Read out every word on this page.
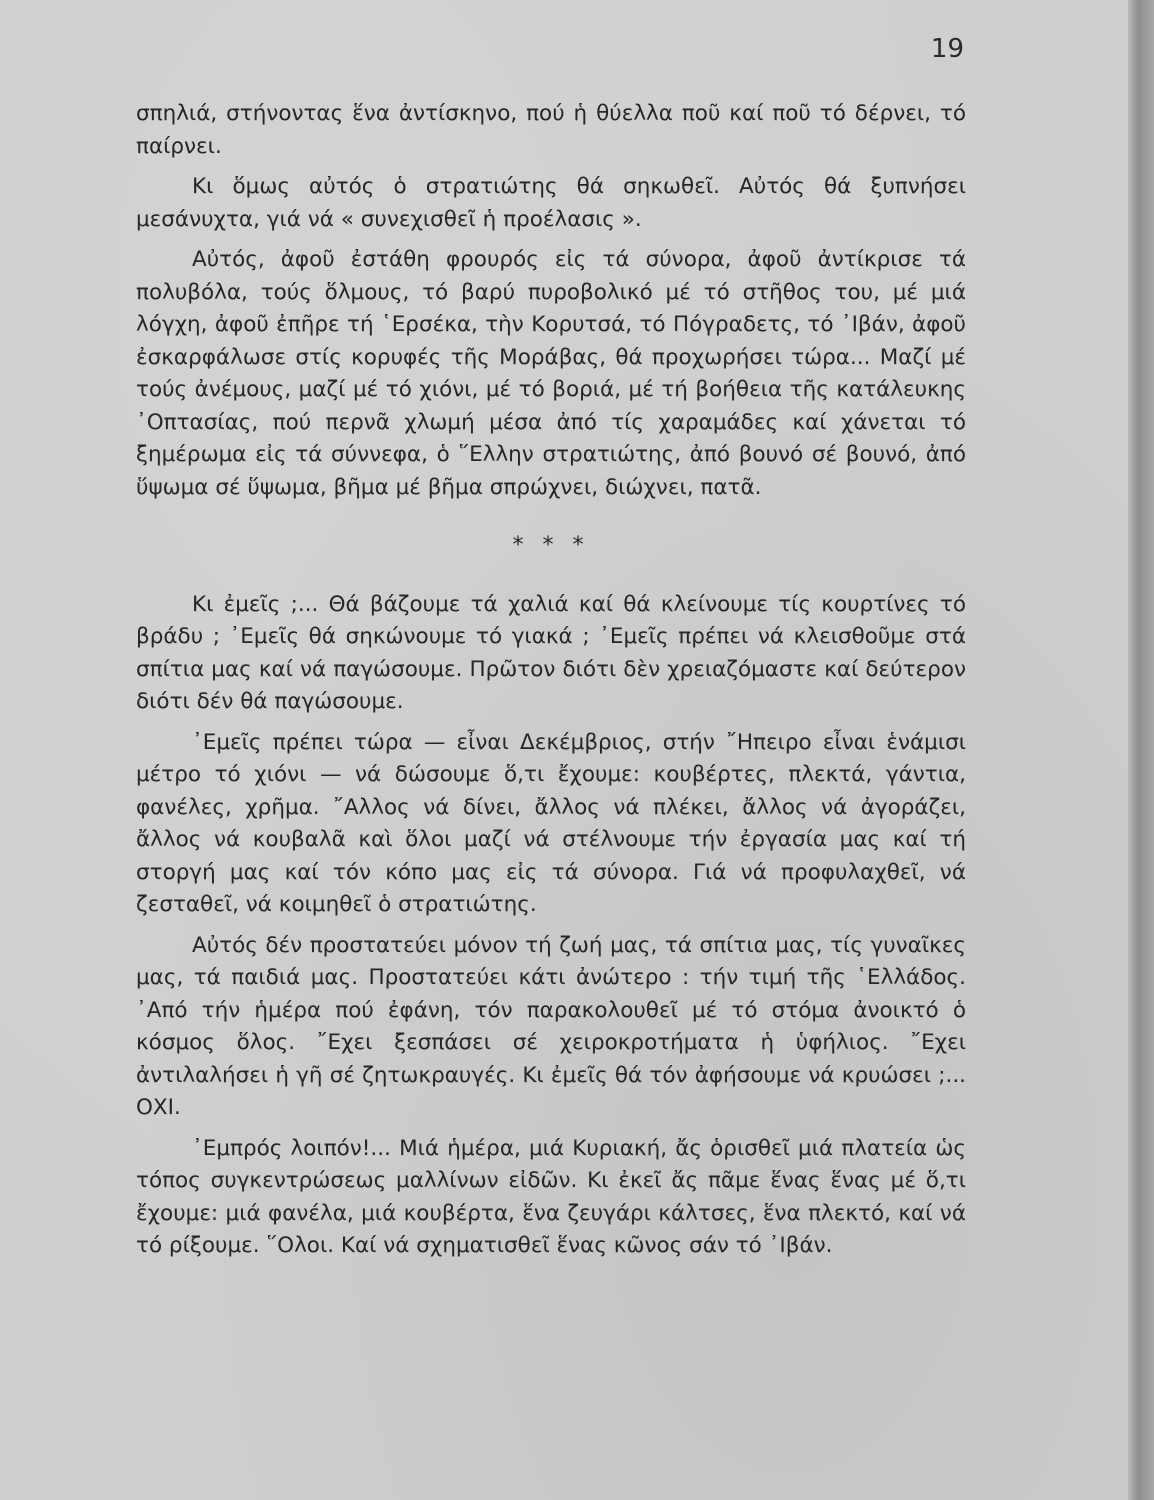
19

σπηλιά, στήνοντας ἕνα ἀντίσκηνο, πού ἡ θύελλα ποῦ καί ποῦ τό δέρνει, τό παίρνει.

Κι ὅμως αὐτός ὁ στρατιώτης θά σηκωθεῖ. Αὐτός θά ξυπνήσει μεσάνυχτα, γιά νά « συνεχισθεῖ ἡ προέλασις ».

Αὐτός, ἀφοῦ ἐστάθη φρουρός εἰς τά σύνορα, ἀφοῦ ἀντίκρισε τά πολυβόλα, τούς ὅλμους, τό βαρύ πυροβολικό μέ τό στῆθος του, μέ μιά λόγχη, ἀφοῦ ἐπῆρε τή ῾Ερσέκα, τὴν Κορυτσά, τό Πόγραδετς, τό ᾿Ιβάν, ἀφοῦ ἐσκαρφάλωσε στίς κορυφές τῆς Μοράβας, θά προχωρήσει τώρα... Μαζί μέ τούς ἀνέμους, μαζί μέ τό χιόνι, μέ τό βοριά, μέ τή βοήθεια τῆς κατάλευκης ᾿Οπτασίας, πού περνᾶ χλωμή μέσα ἀπό τίς χαραμάδες καί χάνεται τό ξημέρωμα εἰς τά σύννεφα, ὁ ῞Ελλην στρατιώτης, ἀπό βουνό σέ βουνό, ἀπό ὕψωμα σέ ὕψωμα, βῆμα μέ βῆμα σπρώχνει, διώχνει, πατᾶ.

* * *

Κι ἐμεῖς ;... Θά βάζουμε τά χαλιά καί θά κλείνουμε τίς κουρτίνες τό βράδυ ; ᾿Εμεῖς θά σηκώνουμε τό γιακά ; ᾿Εμεῖς πρέπει νά κλεισθοῦμε στά σπίτια μας καί νά παγώσουμε. Πρῶτον διότι δὲν χρειαζόμαστε καί δεύτερον διότι δέν θά παγώσουμε.

᾿Εμεῖς πρέπει τώρα — εἶναι Δεκέμβριος, στήν ῎Ηπειρο εἶναι ἑνάμισι μέτρο τό χιόνι — νά δώσουμε ὅ,τι ἔχουμε: κουβέρτες, πλεκτά, γάντια, φανέλες, χρῆμα. ῎Αλλος νά δίνει, ἄλλος νά πλέκει, ἄλλος νά ἀγοράζει, ἄλλος νά κουβαλᾶ καὶ ὅλοι μαζί νά στέλνουμε τήν ἐργασία μας καί τή στοργή μας καί τόν κόπο μας εἰς τά σύνορα. Γιά νά προφυλαχθεῖ, νά ζεσταθεῖ, νά κοιμηθεῖ ὁ στρατιώτης.

Αὐτός δέν προστατεύει μόνον τή ζωή μας, τά σπίτια μας, τίς γυναῖκες μας, τά παιδιά μας. Προστατεύει κάτι ἀνώτερο : τήν τιμή τῆς ῾Ελλάδος. ᾿Από τήν ἡμέρα πού ἐφάνη, τόν παρακολουθεῖ μέ τό στόμα ἀνοικτό ὁ κόσμος ὅλος. ῎Εχει ξεσπάσει σέ χειροκροτήματα ἡ ὑφήλιος. ῎Εχει ἀντιλαλήσει ἡ γῆ σέ ζητωκραυγές. Κι ἐμεῖς θά τόν ἀφήσουμε νά κρυώσει ;... ΟΧΙ.

᾿Εμπρός λοιπόν!... Μιά ἡμέρα, μιά Κυριακή, ἄς ὁρισθεῖ μιά πλατεία ὡς τόπος συγκεντρώσεως μαλλίνων εἰδῶν. Κι ἐκεῖ ἄς πᾶμε ἕνας ἕνας μέ ὅ,τι ἔχουμε: μιά φανέλα, μιά κουβέρτα, ἕνα ζευγάρι κάλτσες, ἕνα πλεκτό, καί νά τό ρίξουμε. ῞Ολοι. Καί νά σχηματισθεῖ ἕνας κῶνος σάν τό ᾿Ιβάν.
